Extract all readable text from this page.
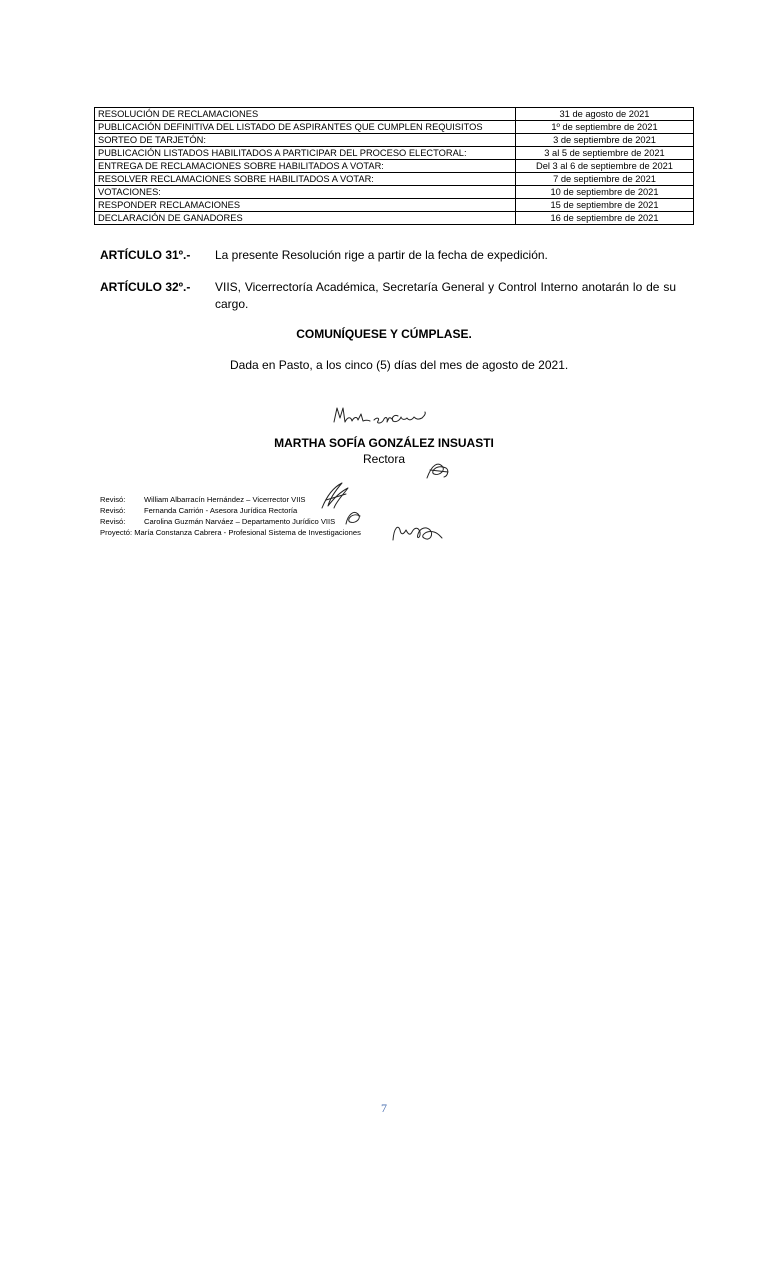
RESOLUCIÓN DE RECLAMACIONES	31 de agosto de 2021
PUBLICACIÓN DEFINITIVA DEL LISTADO DE ASPIRANTES QUE CUMPLEN REQUISITOS	1º de septiembre de 2021
SORTEO DE TARJETÓN:	3 de septiembre de 2021
PUBLICACIÓN LISTADOS HABILITADOS A PARTICIPAR DEL PROCESO ELECTORAL:	3 al 5 de septiembre de 2021
ENTREGA DE RECLAMACIONES SOBRE HABILITADOS A VOTAR:	Del 3 al 6 de septiembre de 2021
RESOLVER RECLAMACIONES SOBRE HABILITADOS A VOTAR:	7 de septiembre de 2021
VOTACIONES:	10 de septiembre de 2021
RESPONDER RECLAMACIONES	15 de septiembre de 2021
DECLARACIÓN DE GANADORES	16 de septiembre de 2021
ARTÍCULO 31º.- La presente Resolución rige a partir de la fecha de expedición.
ARTÍCULO 32º.- VIIS, Vicerrectoría Académica, Secretaría General y Control Interno anotarán lo de su cargo.
COMUNÍQUESE Y CÚMPLASE.
Dada en Pasto, a los cinco (5) días del mes de agosto de 2021.
MARTHA SOFÍA GONZÁLEZ INSUASTI
Rectora
Revisó: William Albarracín Hernández – Vicerrector VIIS
Revisó: Fernanda Carrión - Asesora Jurídica Rectoría
Revisó: Carolina Guzmán Narváez – Departamento Jurídico VIIS
Proyectó: María Constanza Cabrera - Profesional Sistema de Investigaciones
7
